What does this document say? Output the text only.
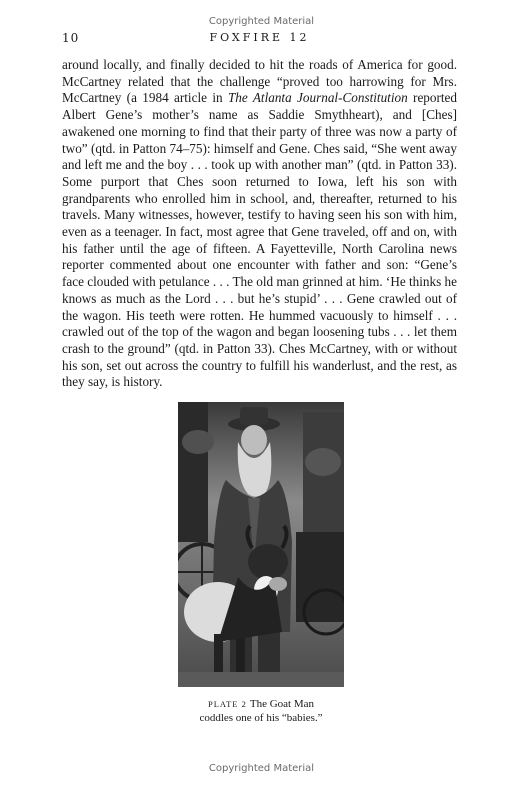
Copyrighted Material
10	FOXFIRE 12

around locally, and finally decided to hit the roads of America for good. McCartney related that the challenge “proved too harrowing for Mrs. McCartney (a 1984 article in The Atlanta Journal-Constitution reported Albert Gene’s mother’s name as Saddie Smythheart), and [Ches] awakened one morning to find that their party of three was now a party of two” (qtd. in Patton 74–75): himself and Gene. Ches said, “She went away and left me and the boy . . . took up with another man” (qtd. in Patton 33). Some purport that Ches soon returned to Iowa, left his son with grandparents who enrolled him in school, and, thereafter, returned to his travels. Many witnesses, however, testify to having seen his son with him, even as a teenager. In fact, most agree that Gene traveled, off and on, with his father until the age of fifteen. A Fayetteville, North Carolina news reporter commented about one encounter with father and son: “Gene’s face clouded with petulance . . . The old man grinned at him. ‘He thinks he knows as much as the Lord . . . but he’s stupid’ . . . Gene crawled out of the wagon. His teeth were rotten. He hummed vacuously to himself . . . crawled out of the top of the wagon and began loosening tubs . . . let them crash to the ground” (qtd. in Patton 33). Ches McCartney, with or without his son, set out across the country to fulfill his wanderlust, and the rest, as they say, is history.

PLATE 2 The Goat Man
coddles one of his “babies.”
Copyrighted Material
